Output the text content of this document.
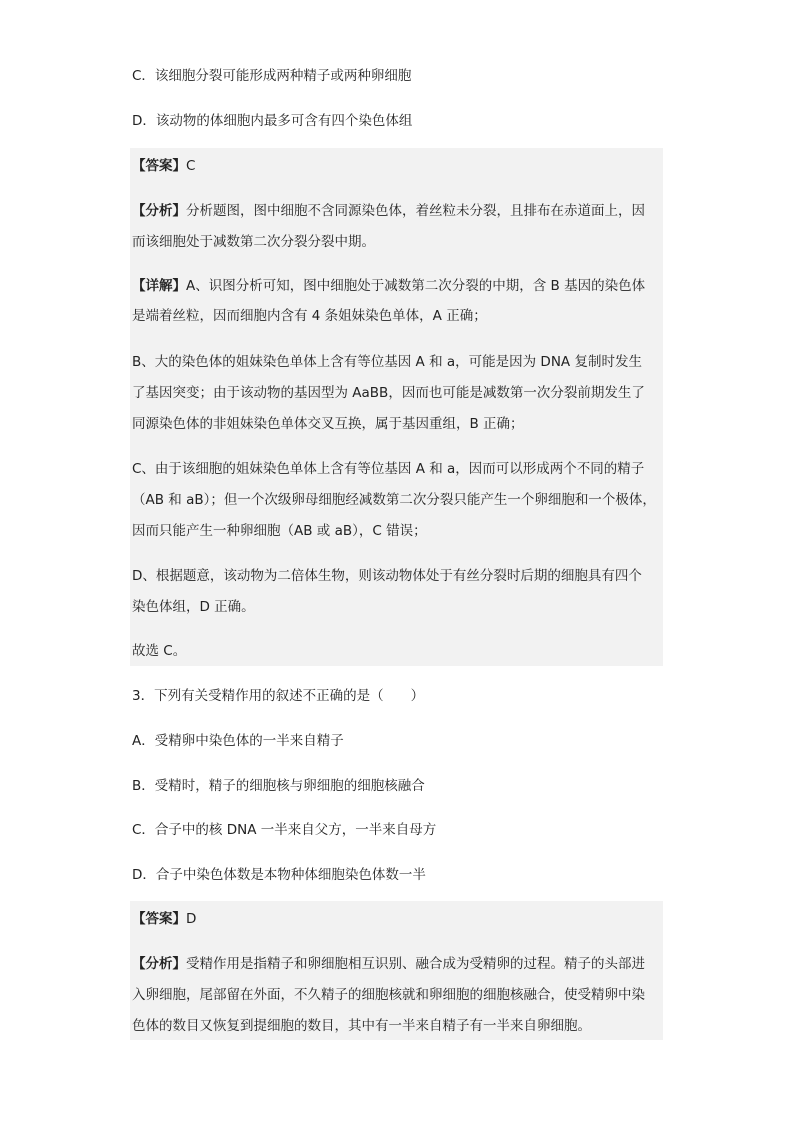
C．该细胞分裂可能形成两种精子或两种卵细胞
D．该动物的体细胞内最多可含有四个染色体组
【答案】C
【分析】分析题图，图中细胞不含同源染色体，着丝粒未分裂，且排布在赤道面上，因
而该细胞处于减数第二次分裂分裂中期。
【详解】A、识图分析可知，图中细胞处于减数第二次分裂的中期，含 B 基因的染色体
是端着丝粒，因而细胞内含有 4 条姐妹染色单体，A 正确；
B、大的染色体的姐妹染色单体上含有等位基因 A 和 a，可能是因为 DNA 复制时发生
了基因突变；由于该动物的基因型为 AaBB，因而也可能是减数第一次分裂前期发生了
同源染色体的非姐妹染色单体交叉互换，属于基因重组，B 正确；
C、由于该细胞的姐妹染色单体上含有等位基因 A 和 a，因而可以形成两个不同的精子
（AB 和 aB）；但一个次级卵母细胞经减数第二次分裂只能产生一个卵细胞和一个极体，
因而只能产生一种卵细胞（AB 或 aB），C 错误；
D、根据题意，该动物为二倍体生物，则该动物体处于有丝分裂时后期的细胞具有四个
染色体组，D 正确。
故选 C。
3．下列有关受精作用的叙述不正确的是（　　）
A．受精卵中染色体的一半来自精子
B．受精时，精子的细胞核与卵细胞的细胞核融合
C．合子中的核 DNA 一半来自父方，一半来自母方
D．合子中染色体数是本物种体细胞染色体数一半
【答案】D
【分析】受精作用是指精子和卵细胞相互识别、融合成为受精卵的过程。精子的头部进
入卵细胞，尾部留在外面，不久精子的细胞核就和卵细胞的细胞核融合，使受精卵中染
色体的数目又恢复到提细胞的数目，其中有一半来自精子有一半来自卵细胞。
